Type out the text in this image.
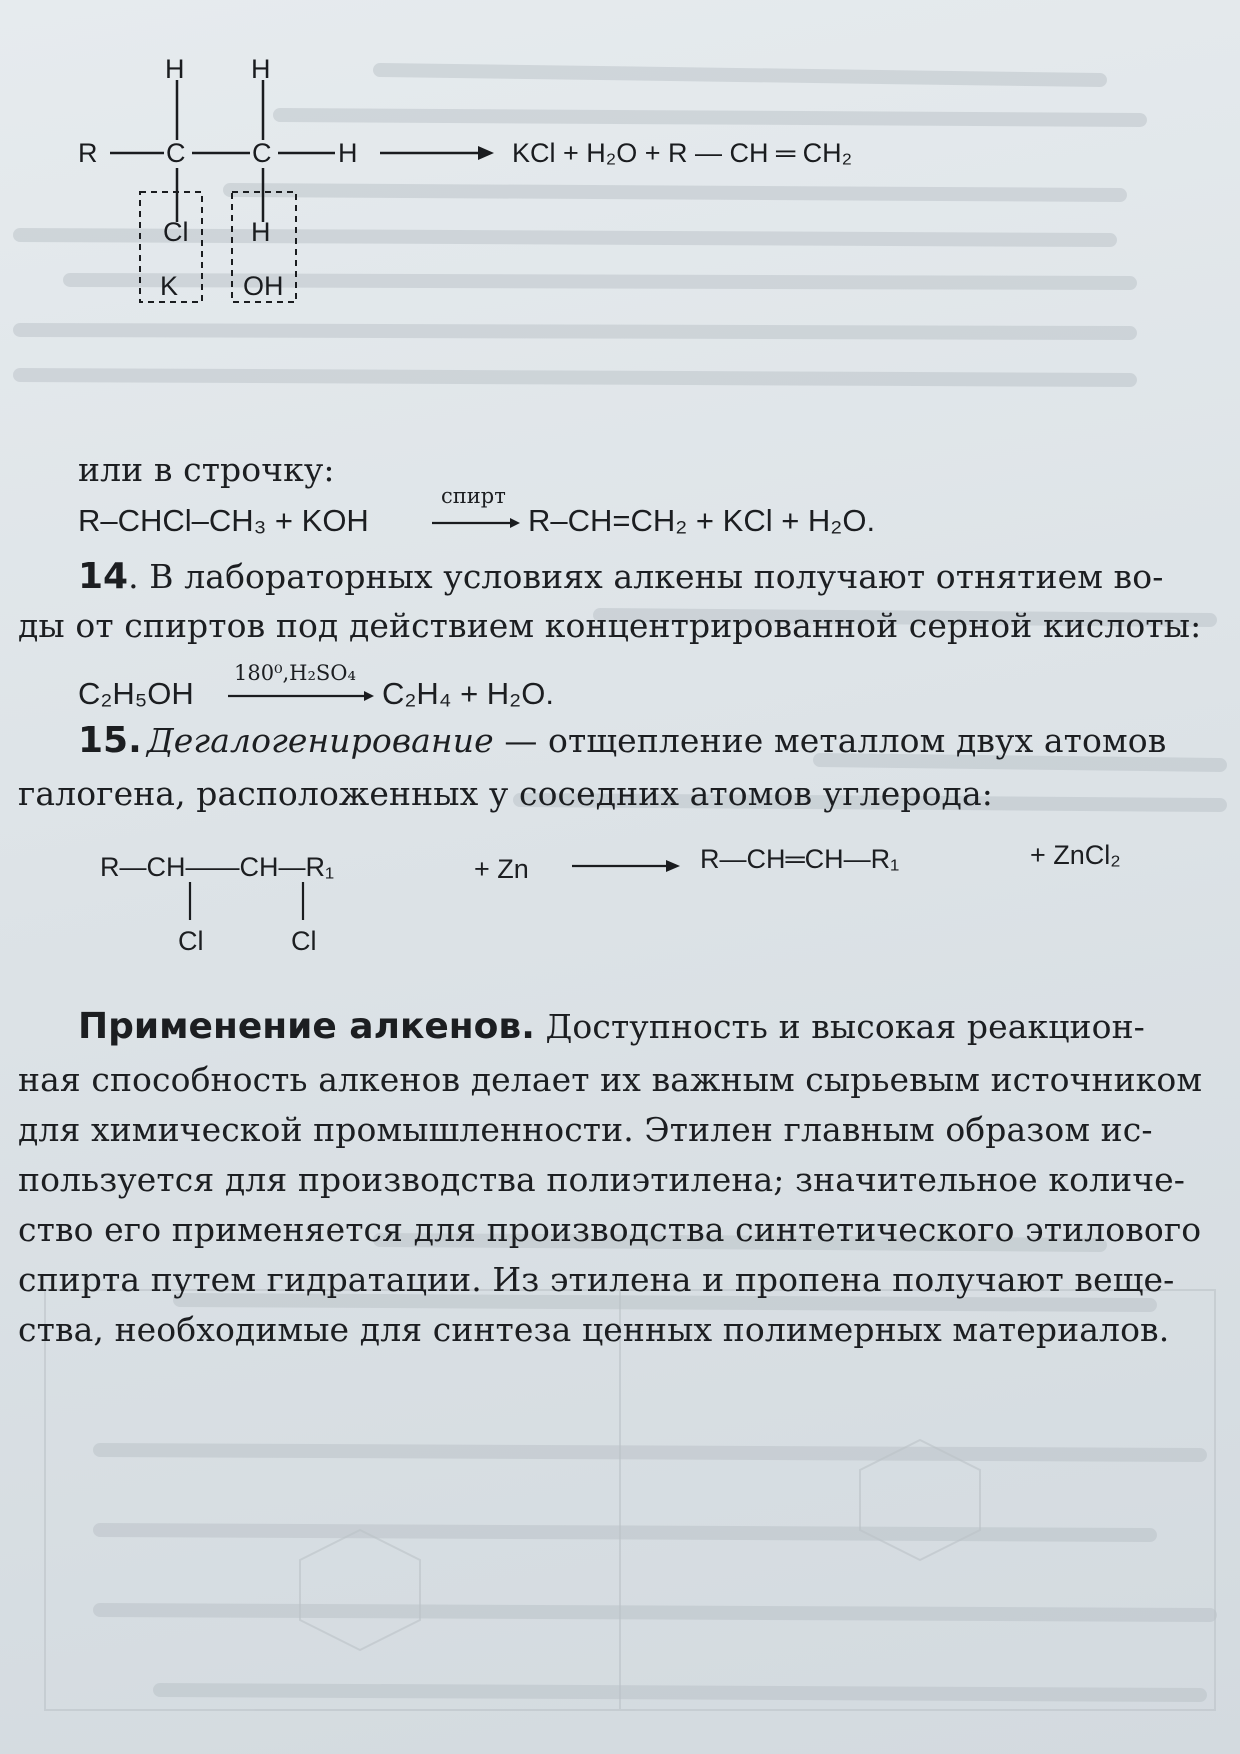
H H
R	C C H	KCl + H₂O + R — CH ═ CH₂
Cl H
K OH
или в строчку:
спирт
R–CHCl–CH₃ + KOH	R–CH=CH₂ + KCl + H₂O.
14. В лабораторных условиях алкены получают отнятием во-
ды от спиртов под действием концентрированной серной кислоты:
180⁰,H₂SO₄
C₂H₅OH	C₂H₄ + H₂O.
15. Дегалогенирование — отщепление металлом двух атомов
галогена, расположенных у соседних атомов углерода:
R—CH——CH—R₁	+ Zn	R—CH═CH—R₁	+ ZnCl₂
Cl	Cl
Применение алкенов. Доступность и высокая реакцион-
ная способность алкенов делает их важным сырьевым источником
для химической промышленности. Этилен главным образом ис-
пользуется для производства полиэтилена; значительное количе-
ство его применяется для производства синтетического этилового
спирта путем гидратации. Из этилена и пропена получают веще-
ства, необходимые для синтеза ценных полимерных материалов.
